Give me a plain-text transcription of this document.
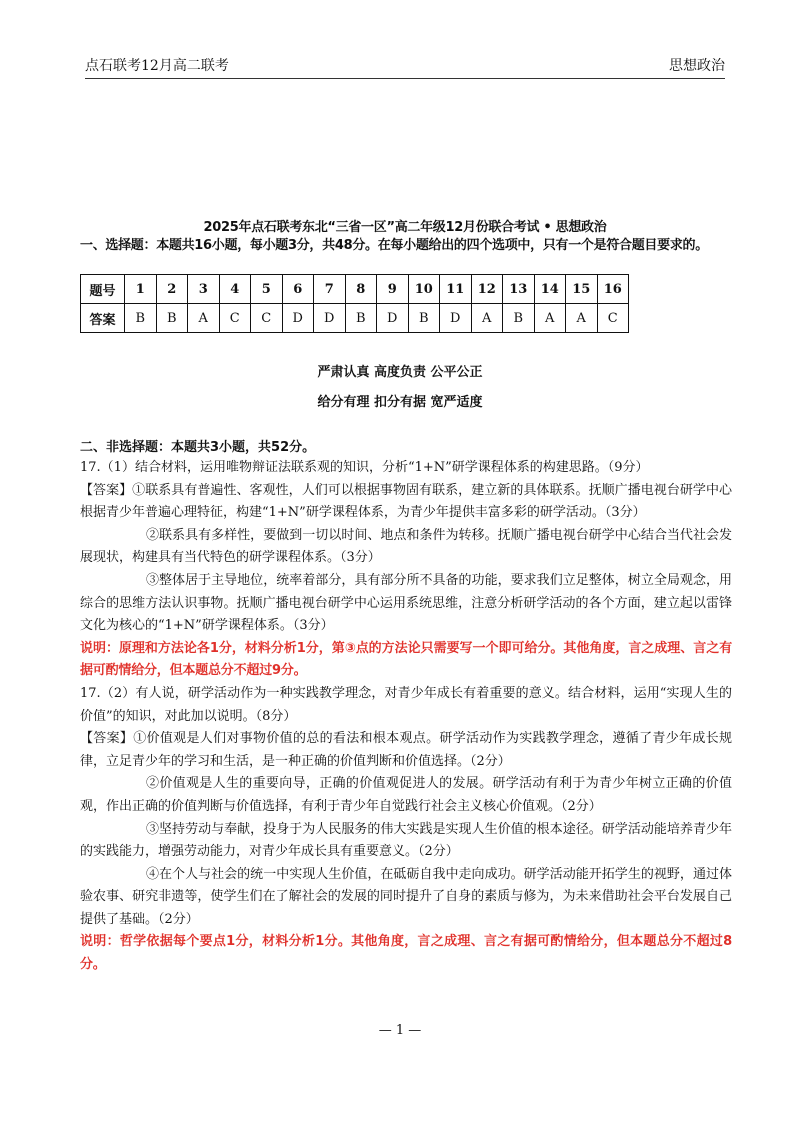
点石联考12月高二联考	思想政治
2025年点石联考东北“三省一区”高二年级12月份联合考试 • 思想政治
一、选择题：本题共16小题，每小题3分，共48分。在每小题给出的四个选项中，只有一个是符合题目要求的。
题号	1	2	3	4	5	6	7	8	9	10	11	12	13	14	15	16
答案	B	B	A	C	C	D	D	B	D	B	D	A	B	A	A	C
严肃认真 高度负责 公平公正
给分有理 扣分有据 宽严适度
二、非选择题：本题共3小题，共52分。

17.（1）结合材料，运用唯物辩证法联系观的知识，分析“1+N”研学课程体系的构建思路。（9分）

【答案】①联系具有普遍性、客观性，人们可以根据事物固有联系，建立新的具体联系。抚顺广播电视台研学中心根据青少年普遍心理特征，构建“1+N”研学课程体系，为青少年提供丰富多彩的研学活动。（3分）

②联系具有多样性，要做到一切以时间、地点和条件为转移。抚顺广播电视台研学中心结合当代社会发展现状，构建具有当代特色的研学课程体系。（3分）

③整体居于主导地位，统率着部分，具有部分所不具备的功能，要求我们立足整体，树立全局观念，用综合的思维方法认识事物。抚顺广播电视台研学中心运用系统思维，注意分析研学活动的各个方面，建立起以雷锋文化为核心的“1+N”研学课程体系。（3分）

说明：原理和方法论各1分，材料分析1分，第③点的方法论只需要写一个即可给分。其他角度，言之成理、言之有据可酌情给分，但本题总分不超过9分。

17.（2）有人说，研学活动作为一种实践教学理念，对青少年成长有着重要的意义。结合材料，运用“实现人生的价值”的知识，对此加以说明。（8分）

【答案】①价值观是人们对事物价值的总的看法和根本观点。研学活动作为实践教学理念，遵循了青少年成长规律，立足青少年的学习和生活，是一种正确的价值判断和价值选择。（2分）

②价值观是人生的重要向导，正确的价值观促进人的发展。研学活动有利于为青少年树立正确的价值观，作出正确的价值判断与价值选择，有利于青少年自觉践行社会主义核心价值观。（2分）

③坚持劳动与奉献，投身于为人民服务的伟大实践是实现人生价值的根本途径。研学活动能培养青少年的实践能力，增强劳动能力，对青少年成长具有重要意义。（2分）

④在个人与社会的统一中实现人生价值，在砥砺自我中走向成功。研学活动能开拓学生的视野，通过体验农事、研究非遗等，使学生们在了解社会的发展的同时提升了自身的素质与修为，为未来借助社会平台发展自己提供了基础。（2分）

说明：哲学依据每个要点1分，材料分析1分。其他角度，言之成理、言之有据可酌情给分，但本题总分不超过8分。

— 1 —
